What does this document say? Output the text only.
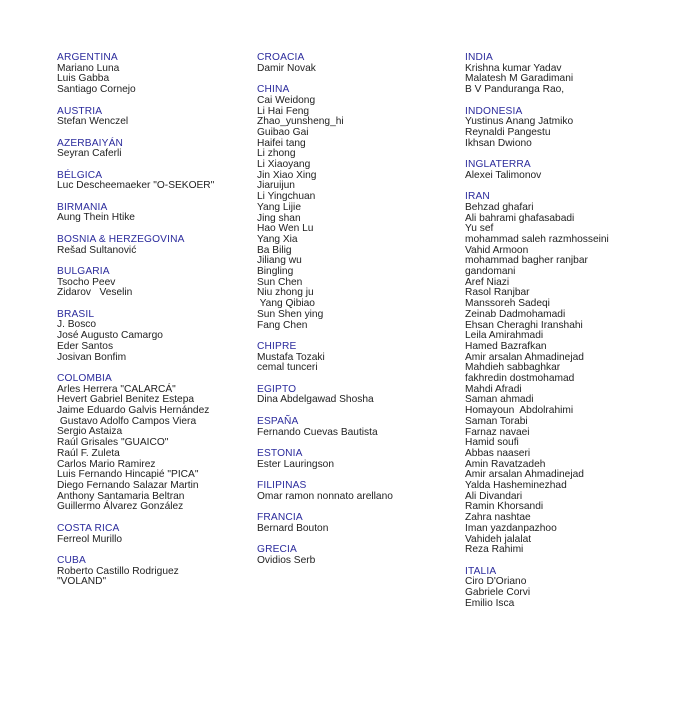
ARGENTINA
Mariano Luna
Luis Gabba
Santiago Cornejo
AUSTRIA
Stefan Wenczel
AZERBAIYÁN
Seyran Caferli
BÉLGICA
Luc Descheemaeker "O-SEKOER"
BIRMANIA
Aung Thein Htike
BOSNIA & HERZEGOVINA
Rešad Sultanović
BULGARIA
Tsocho Peev
Zidarov   Veselin
BRASIL
J. Bosco
José Augusto Camargo
Eder Santos
Josivan Bonfim
COLOMBIA
Arles Herrera "CALARCÁ"
Hevert Gabriel Benitez Estepa
Jaime Eduardo Galvis Hernández
Gustavo Adolfo Campos Viera
Sergio Astaiza
Raúl Grisales "GUAICO"
Raúl F. Zuleta
Carlos Mario Ramirez
Luis Fernando Hincapié "PICA"
Diego Fernando Salazar Martin
Anthony Santamaria Beltran
Guillermo Álvarez González
COSTA RICA
Ferreol Murillo
CUBA
Roberto Castillo Rodriguez
"VOLAND"
CROACIA
Damir Novak
CHINA
Cai Weidong
Li Hai Feng
Zhao_yunsheng_hi
Guibao Gai
Haifei tang
Li zhong
Li Xiaoyang
Jin Xiao Xing
Jiaruijun
Li Yingchuan
Yang Lijie
Jing shan
Hao Wen Lu
Yang Xia
Ba Bilig
Jiliang wu
Bingling
Sun Chen
Niu zhong ju
Yang Qibiao
Sun Shen ying
Fang Chen
CHIPRE
Mustafa Tozaki
cemal tunceri
EGIPTO
Dina Abdelgawad Shosha
ESPAÑA
Fernando Cuevas Bautista
ESTONIA
Ester Lauringson
FILIPINAS
Omar ramon nonnato arellano
FRANCIA
Bernard Bouton
GRECIA
Ovidios Serb
INDIA
Krishna kumar Yadav
Malatesh M Garadimani
B V Panduranga Rao,
INDONESIA
Yustinus Anang Jatmiko
Reynaldi Pangestu
Ikhsan Dwiono
INGLATERRA
Alexei Talimonov
IRAN
Behzad ghafari
Ali bahrami ghafasabadi
Yu sef
mohammad saleh razmhosseini
Vahid Armoon
mohammad bagher ranjbar
gandomani
Aref Niazi
Rasol Ranjbar
Manssoreh Sadeqi
Zeinab Dadmohamadi
Ehsan Cheraghi Iranshahi
Leila Amirahmadi
Hamed Bazrafkan
Amir arsalan Ahmadinejad
Mahdieh sabbaghkar
fakhredin dostmohamad
Mahdi Afradi
Saman ahmadi
Homayoun  Abdolrahimi
Saman Torabi
Farnaz navaei
Hamid soufi
Abbas naaseri
Amin Ravatzadeh
Amir arsalan Ahmadinejad
Yalda Hasheminezhad
Ali Divandari
Ramin Khorsandi
Zahra nashtae
Iman yazdanpazhoo
Vahideh jalalat
Reza Rahimi
ITALIA
Ciro D'Oriano
Gabriele Corvi
Emilio Isca
